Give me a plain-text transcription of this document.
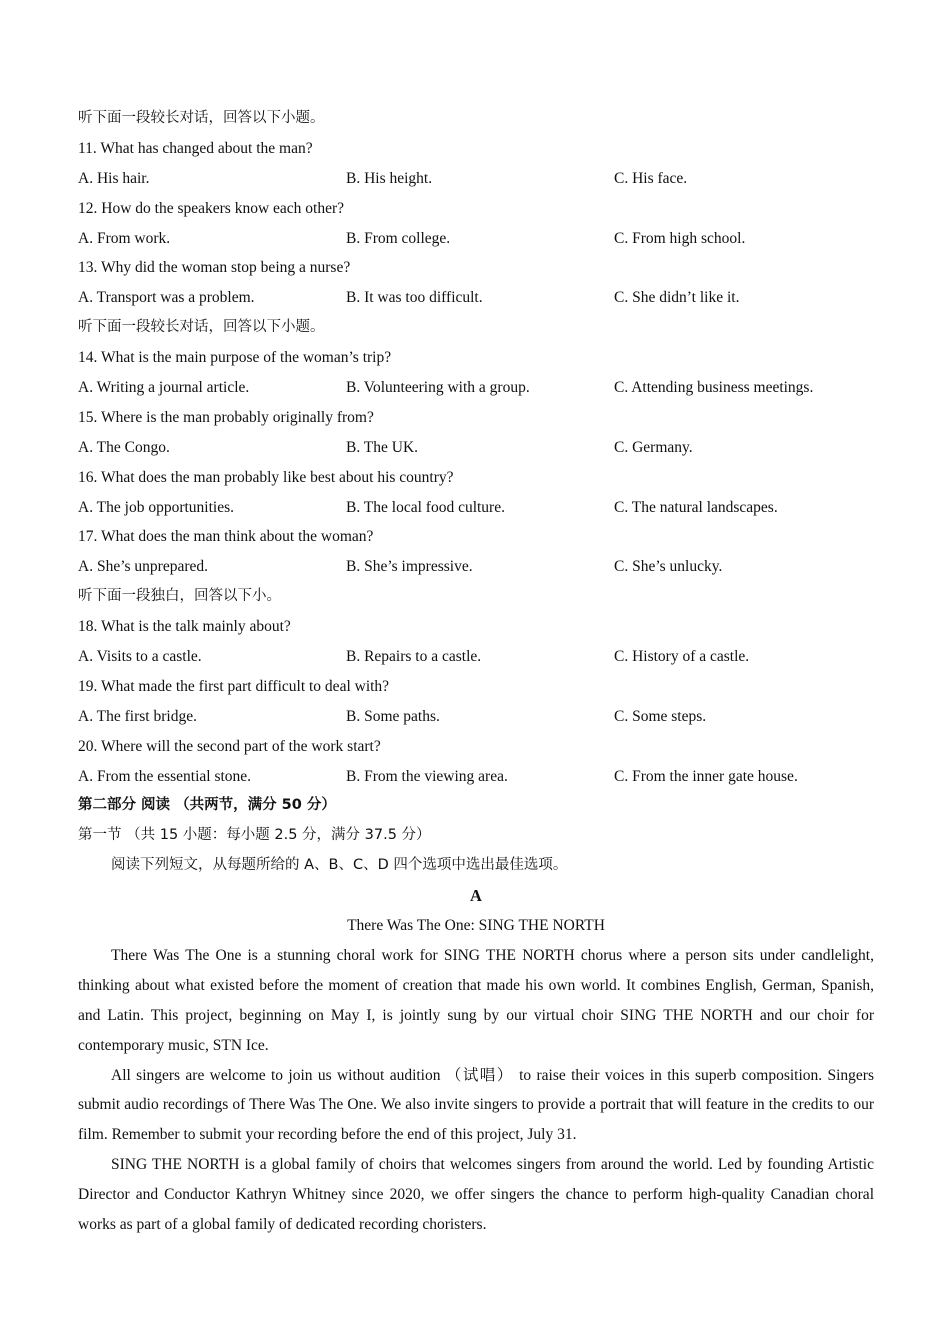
听下面一段较长对话，回答以下小题。
11. What has changed about the man?
A. His hair.	B. His height.	C. His face.
12. How do the speakers know each other?
A. From work.	B. From college.	C. From high school.
13. Why did the woman stop being a nurse?
A. Transport was a problem.	B. It was too difficult.	C. She didn’t like it.
听下面一段较长对话，回答以下小题。
14. What is the main purpose of the woman’s trip?
A. Writing a journal article.	B. Volunteering with a group.	C. Attending business meetings.
15. Where is the man probably originally from?
A. The Congo.	B. The UK.	C. Germany.
16. What does the man probably like best about his country?
A. The job opportunities.	B. The local food culture.	C. The natural landscapes.
17. What does the man think about the woman?
A. She’s unprepared.	B. She’s impressive.	C. She’s unlucky.
听下面一段独白，回答以下小。
18. What is the talk mainly about?
A. Visits to a castle.	B. Repairs to a castle.	C. History of a castle.
19. What made the first part difficult to deal with?
A. The first bridge.	B. Some paths.	C. Some steps.
20. Where will the second part of the work start?
A. From the essential stone.	B. From the viewing area.	C. From the inner gate house.
第二部分 阅读 （共两节，满分 50 分）
第一节 （共 15 小题：每小题 2.5 分，满分 37.5 分）
阅读下列短文，从每题所给的 A、B、C、D 四个选项中选出最佳选项。
A
There Was The One: SING THE NORTH
There Was The One is a stunning choral work for SING THE NORTH chorus where a person sits under candlelight, thinking about what existed before the moment of creation that made his own world. It combines English, German, Spanish, and Latin. This project, beginning on May I, is jointly sung by our virtual choir SING THE NORTH and our choir for contemporary music, STN Ice.
All singers are welcome to join us without audition （试唱） to raise their voices in this superb composition. Singers submit audio recordings of There Was The One. We also invite singers to provide a portrait that will feature in the credits to our film. Remember to submit your recording before the end of this project, July 31.
SING THE NORTH is a global family of choirs that welcomes singers from around the world. Led by founding Artistic Director and Conductor Kathryn Whitney since 2020, we offer singers the chance to perform high-quality Canadian choral works as part of a global family of dedicated recording choristers.
